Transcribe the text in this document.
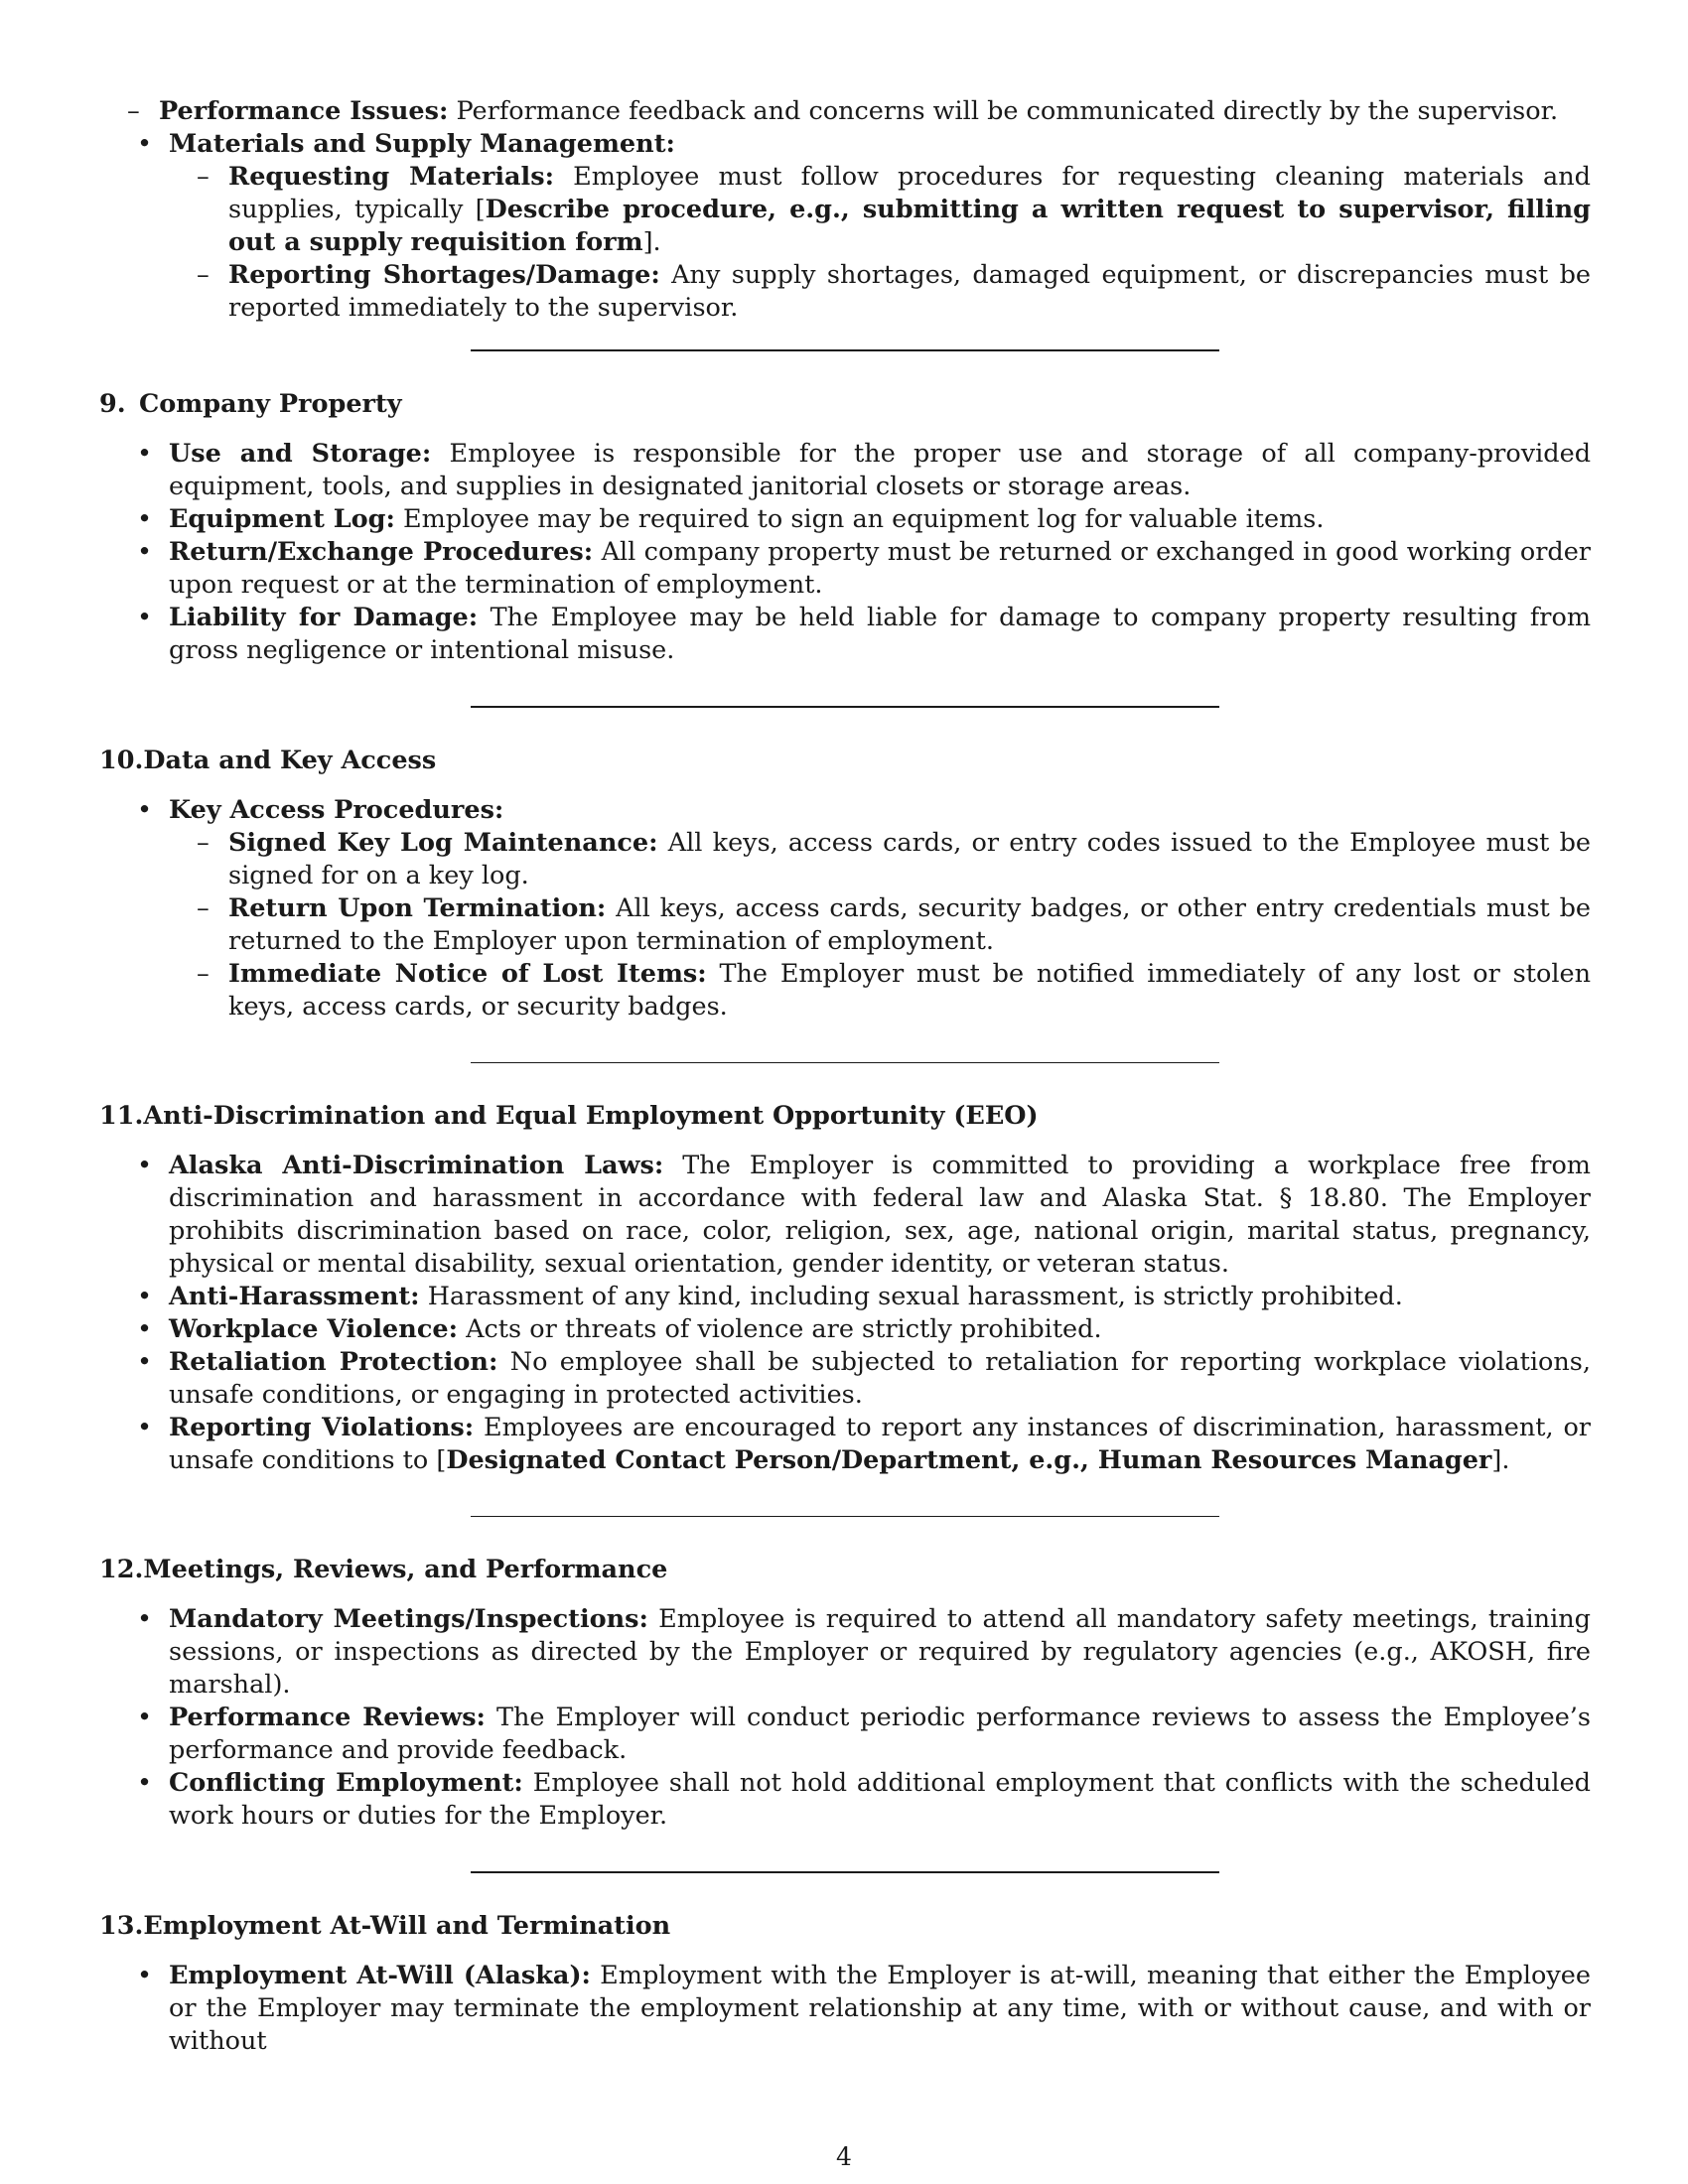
– Performance Issues: Performance feedback and concerns will be communicated directly by the supervisor.
• Materials and Supply Management:
– Requesting Materials: Employee must follow procedures for requesting cleaning materials and supplies, typically [Describe procedure, e.g., submitting a written request to supervisor, filling out a supply requisition form].
– Reporting Shortages/Damage: Any supply shortages, damaged equipment, or discrepancies must be reported immediately to the supervisor.
9. Company Property
• Use and Storage: Employee is responsible for the proper use and storage of all company-provided equipment, tools, and supplies in designated janitorial closets or storage areas.
• Equipment Log: Employee may be required to sign an equipment log for valuable items.
• Return/Exchange Procedures: All company property must be returned or exchanged in good working order upon request or at the termination of employment.
• Liability for Damage: The Employee may be held liable for damage to company property resulting from gross negligence or intentional misuse.
10.Data and Key Access
• Key Access Procedures:
– Signed Key Log Maintenance: All keys, access cards, or entry codes issued to the Employee must be signed for on a key log.
– Return Upon Termination: All keys, access cards, security badges, or other entry credentials must be returned to the Employer upon termination of employment.
– Immediate Notice of Lost Items: The Employer must be notified immediately of any lost or stolen keys, access cards, or security badges.
11.Anti-Discrimination and Equal Employment Opportunity (EEO)
• Alaska Anti-Discrimination Laws: The Employer is committed to providing a workplace free from discrimination and harassment in accordance with federal law and Alaska Stat. § 18.80. The Employer prohibits discrimination based on race, color, religion, sex, age, national origin, marital status, pregnancy, physical or mental disability, sexual orientation, gender identity, or veteran status.
• Anti-Harassment: Harassment of any kind, including sexual harassment, is strictly prohibited.
• Workplace Violence: Acts or threats of violence are strictly prohibited.
• Retaliation Protection: No employee shall be subjected to retaliation for reporting workplace violations, unsafe conditions, or engaging in protected activities.
• Reporting Violations: Employees are encouraged to report any instances of discrimination, harassment, or unsafe conditions to [Designated Contact Person/Department, e.g., Human Resources Manager].
12.Meetings, Reviews, and Performance
• Mandatory Meetings/Inspections: Employee is required to attend all mandatory safety meetings, training sessions, or inspections as directed by the Employer or required by regulatory agencies (e.g., AKOSH, fire marshal).
• Performance Reviews: The Employer will conduct periodic performance reviews to assess the Employee’s performance and provide feedback.
• Conflicting Employment: Employee shall not hold additional employment that conflicts with the scheduled work hours or duties for the Employer.
13.Employment At-Will and Termination
• Employment At-Will (Alaska): Employment with the Employer is at-will, meaning that either the Employee or the Employer may terminate the employment relationship at any time, with or without cause, and with or without
4
